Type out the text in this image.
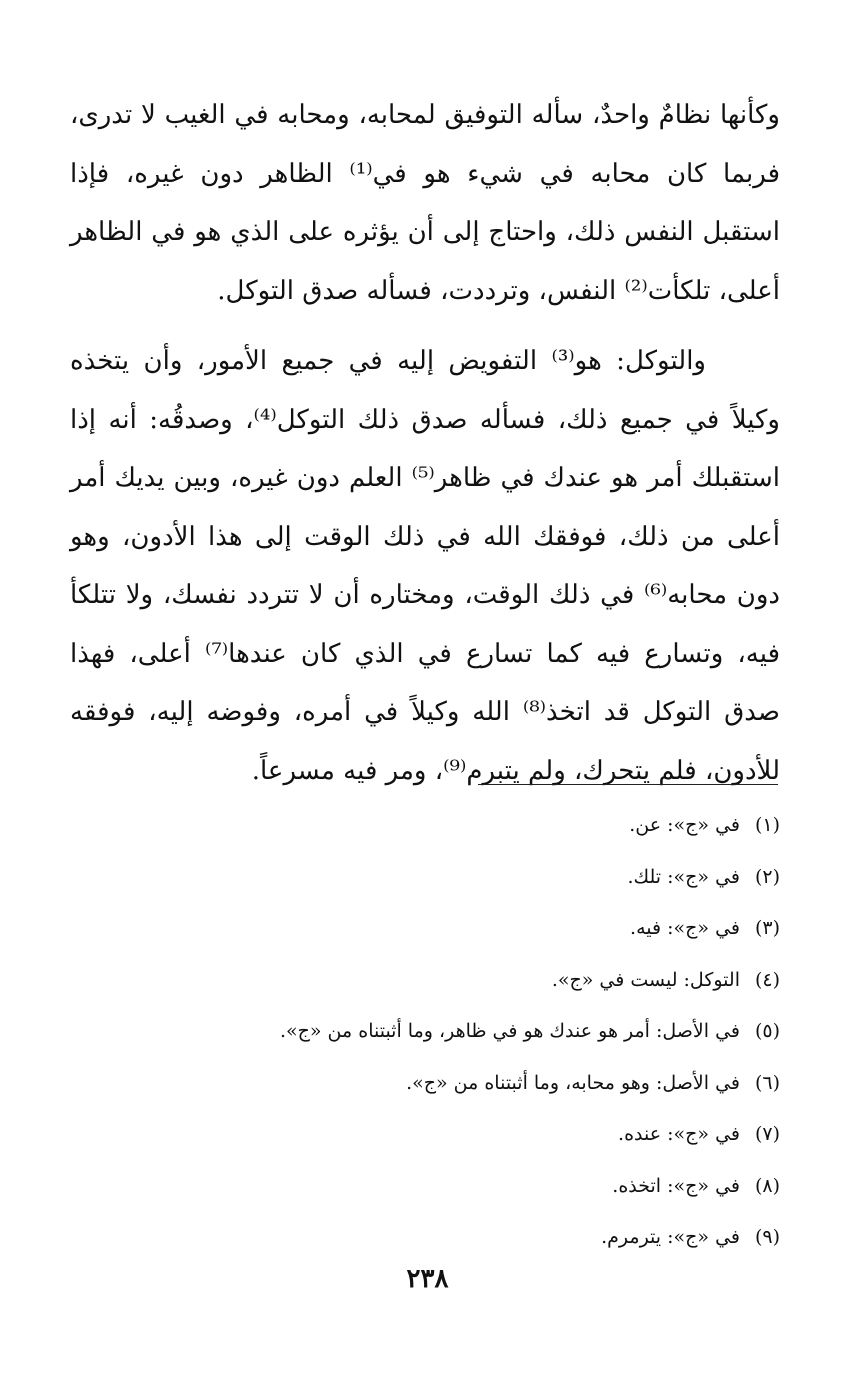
وكأنها نظامٌ واحدٌ، سأله التوفيق لمحابه، ومحابه في الغيب لا تدرى، فربما كان محابه في شيء هو في⁽¹⁾ الظاهر دون غيره، فإذا استقبل النفس ذلك، واحتاج إلى أن يؤثره على الذي هو في الظاهر أعلى، تلكأت⁽²⁾ النفس، وترددت، فسأله صدق التوكل.

والتوكل: هو⁽³⁾ التفويض إليه في جميع الأمور، وأن يتخذه وكيلاً في جميع ذلك، فسأله صدق ذلك التوكل⁽⁴⁾، وصدقُه: أنه إذا استقبلك أمر هو عندك في ظاهر⁽⁵⁾ العلم دون غيره، وبين يديك أمر أعلى من ذلك، فوفقك الله في ذلك الوقت إلى هذا الأدون، وهو دون محابه⁽⁶⁾ في ذلك الوقت، ومختاره أن لا تتردد نفسك، ولا تتلكأ فيه، وتسارع فيه كما تسارع في الذي كان عندها⁽⁷⁾ أعلى، فهذا صدق التوكل قد اتخذ⁽⁸⁾ الله وكيلاً في أمره، وفوضه إليه، فوفقه للأدون، فلم يتحرك، ولم يتبرم⁽⁹⁾، ومر فيه مسرعاً.

(١)في «ج»: عن.
(٢)في «ج»: تلك.
(٣)في «ج»: فيه.
(٤)التوكل: ليست في «ج».
(٥)في الأصل: أمر هو عندك هو في ظاهر، وما أثبتناه من «ج».
(٦)في الأصل: وهو محابه، وما أثبتناه من «ج».
(٧)في «ج»: عنده.
(٨)في «ج»: اتخذه.
(٩)في «ج»: يترمرم.
٢٣٨
